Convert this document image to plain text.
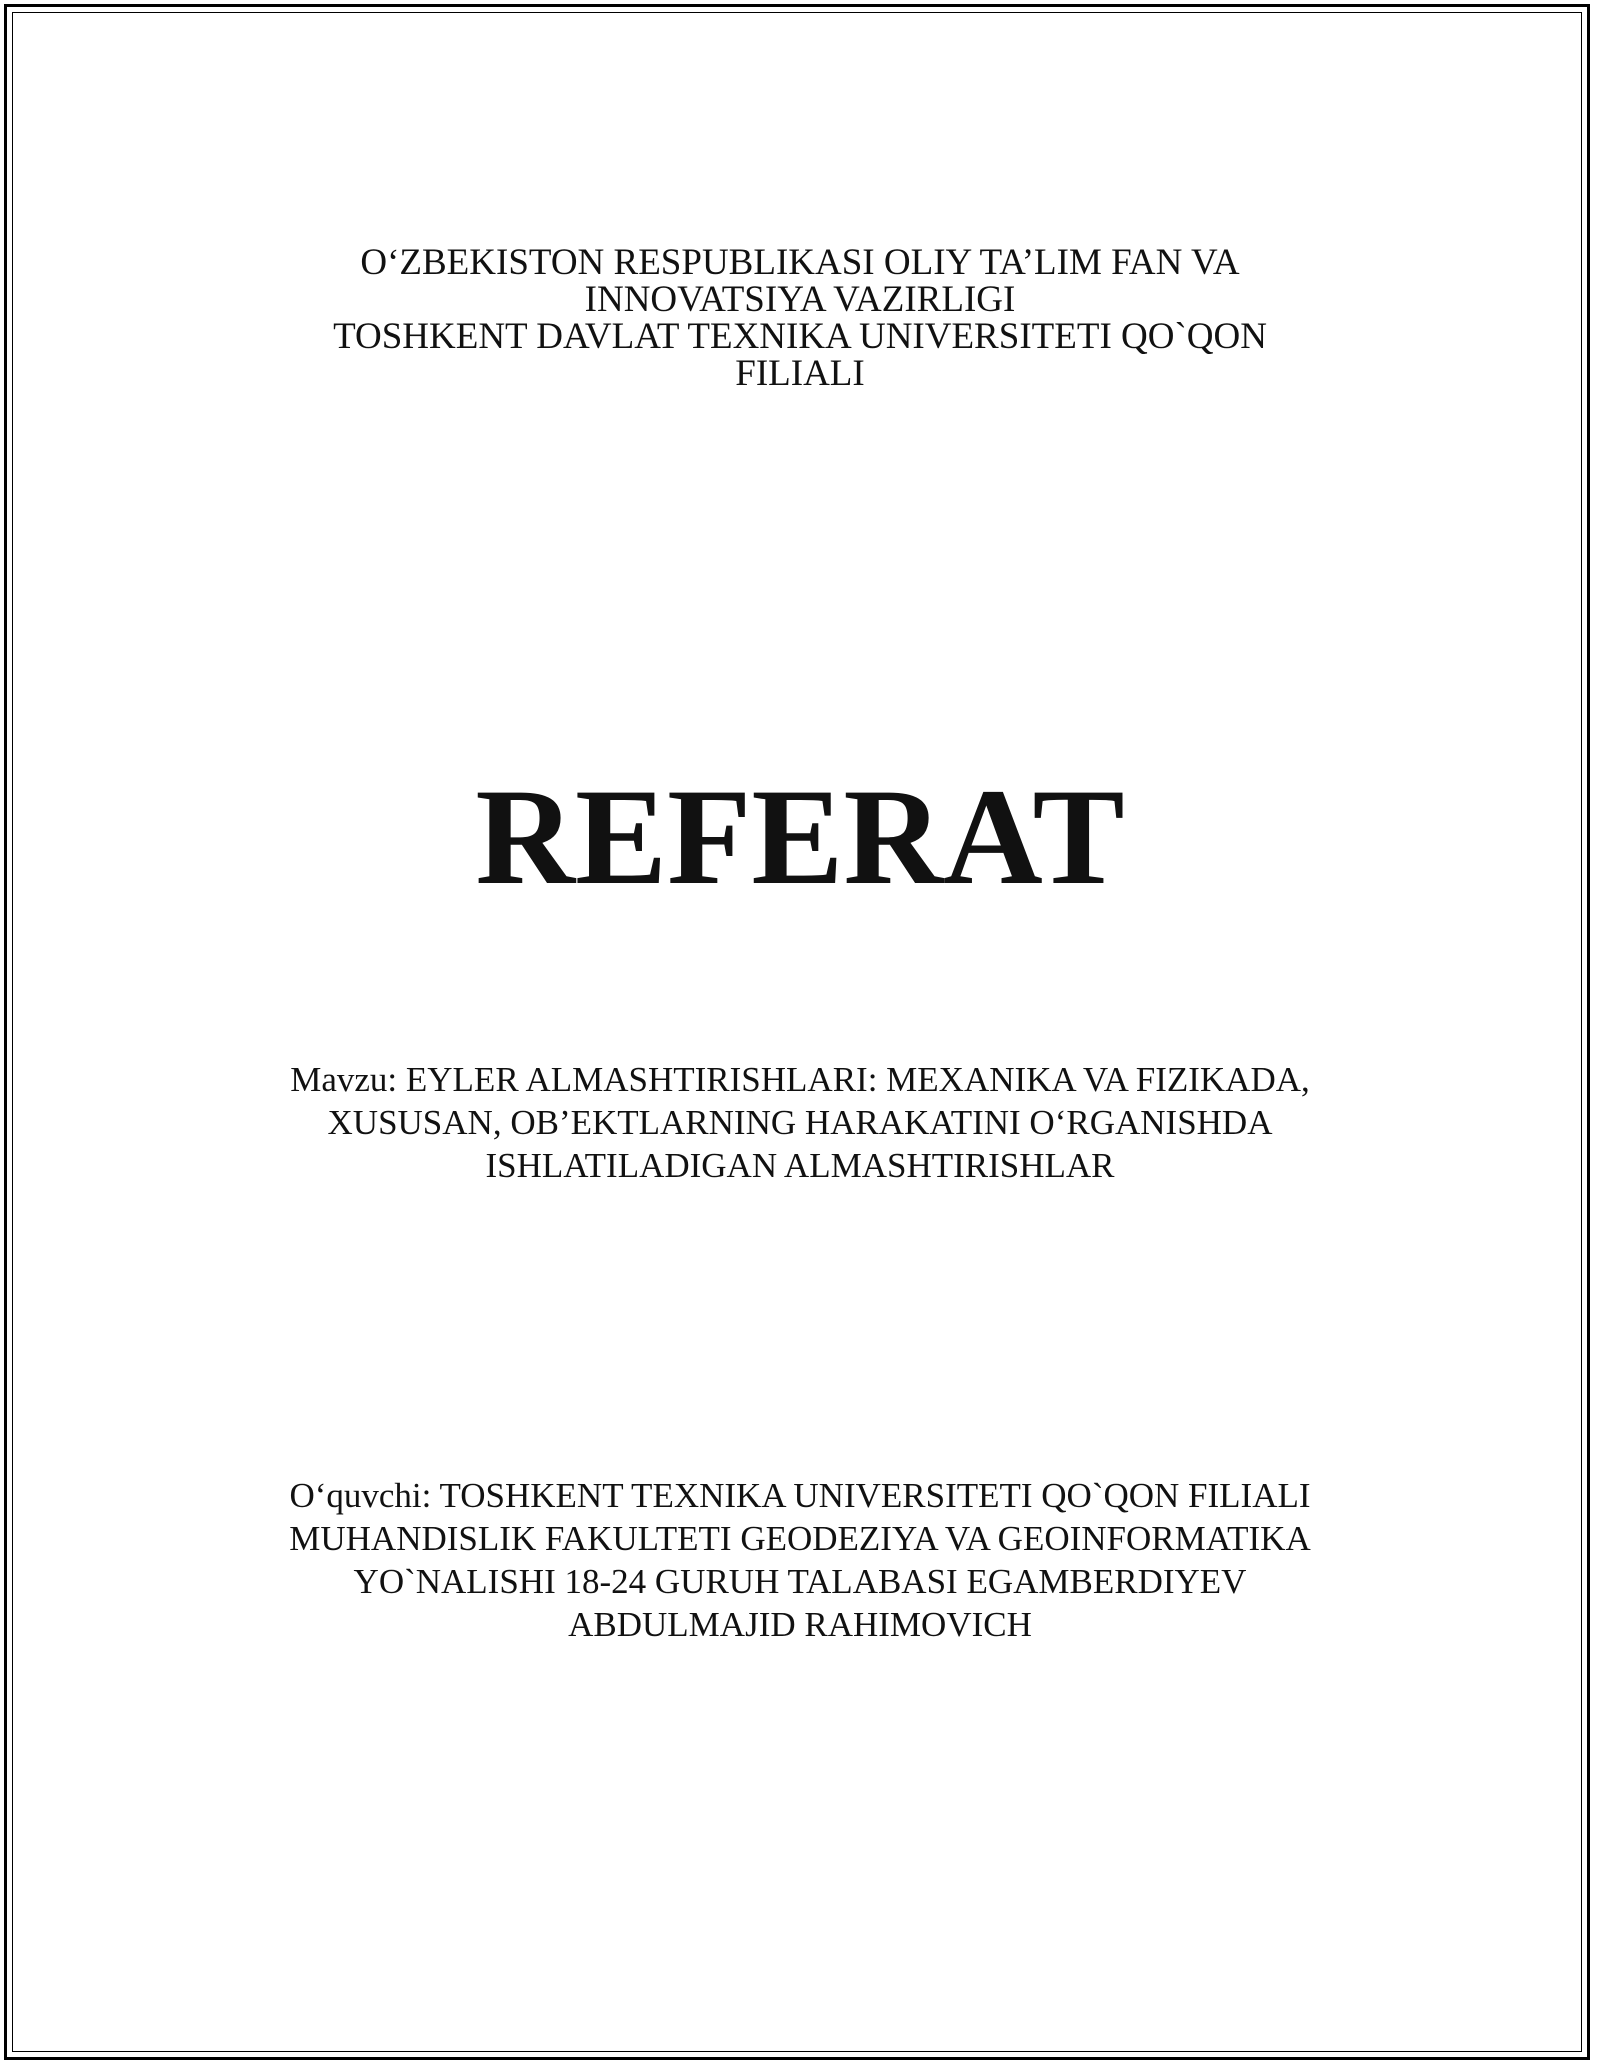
O‘ZBEKISTON RESPUBLIKASI OLIY TA’LIM FAN VA
INNOVATSIYA VAZIRLIGI
TOSHKENT DAVLAT TEXNIKA UNIVERSITETI QO`QON
FILIALI
REFERAT
Mavzu: EYLER ALMASHTIRISHLARI: MEXANIKA VA FIZIKADA,
XUSUSAN, OB’EKTLARNING HARAKATINI O‘RGANISHDA
ISHLATILADIGAN ALMASHTIRISHLAR
O‘quvchi: TOSHKENT TEXNIKA UNIVERSITETI QO`QON FILIALI
MUHANDISLIK FAKULTETI GEODEZIYA VA GEOINFORMATIKA
YO`NALISHI 18-24 GURUH TALABASI EGAMBERDIYEV
ABDULMAJID RAHIMOVICH
